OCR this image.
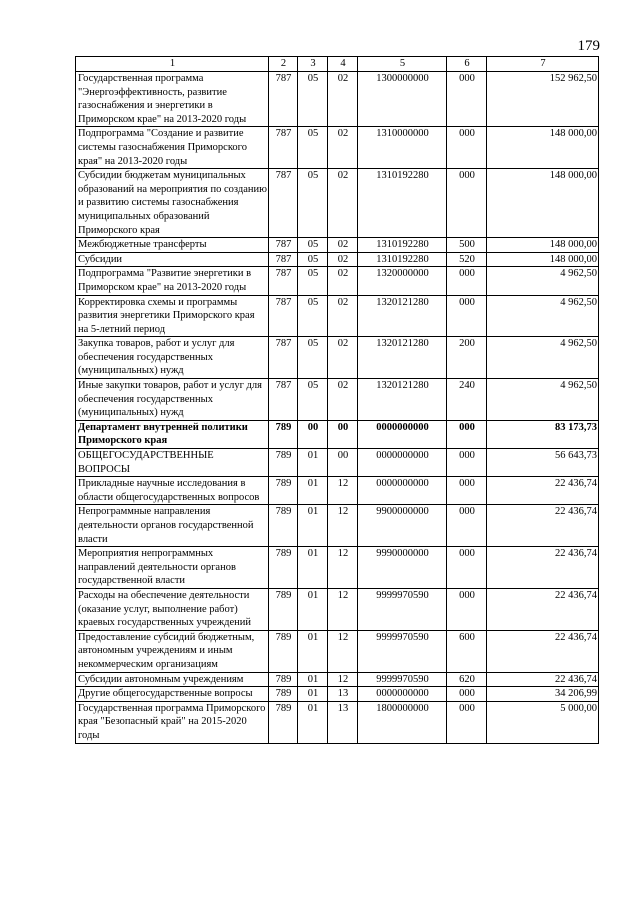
179
1	2	3	4	5	6	7
Государственная программа "Энергоэффективность, развитие газоснабжения и энергетики в Приморском крае" на 2013-2020 годы	787	05	02	1300000000	000	152 962,50
Подпрограмма "Создание и развитие системы газоснабжения Приморского края" на 2013-2020 годы	787	05	02	1310000000	000	148 000,00
Субсидии бюджетам муниципальных образований на мероприятия по созданию и развитию системы газоснабжения муниципальных образований Приморского края	787	05	02	1310192280	000	148 000,00
Межбюджетные трансферты	787	05	02	1310192280	500	148 000,00
Субсидии	787	05	02	1310192280	520	148 000,00
Подпрограмма "Развитие энергетики в Приморском крае" на 2013-2020 годы	787	05	02	1320000000	000	4 962,50
Корректировка схемы и программы развития энергетики Приморского края на 5-летний период	787	05	02	1320121280	000	4 962,50
Закупка товаров, работ и услуг для обеспечения государственных (муниципальных) нужд	787	05	02	1320121280	200	4 962,50
Иные закупки товаров, работ и услуг для обеспечения государственных (муниципальных) нужд	787	05	02	1320121280	240	4 962,50
Департамент внутренней политики Приморского края	789	00	00	0000000000	000	83 173,73
ОБЩЕГОСУДАРСТВЕННЫЕ ВОПРОСЫ	789	01	00	0000000000	000	56 643,73
Прикладные научные исследования в области общегосударственных вопросов	789	01	12	0000000000	000	22 436,74
Непрограммные направления деятельности органов государственной власти	789	01	12	9900000000	000	22 436,74
Мероприятия непрограммных направлений деятельности органов государственной власти	789	01	12	9990000000	000	22 436,74
Расходы на обеспечение деятельности (оказание услуг, выполнение работ) краевых государственных учреждений	789	01	12	9999970590	000	22 436,74
Предоставление субсидий бюджетным, автономным учреждениям и иным некоммерческим организациям	789	01	12	9999970590	600	22 436,74
Субсидии автономным учреждениям	789	01	12	9999970590	620	22 436,74
Другие общегосударственные вопросы	789	01	13	0000000000	000	34 206,99
Государственная программа Приморского края "Безопасный край" на 2015-2020 годы	789	01	13	1800000000	000	5 000,00
